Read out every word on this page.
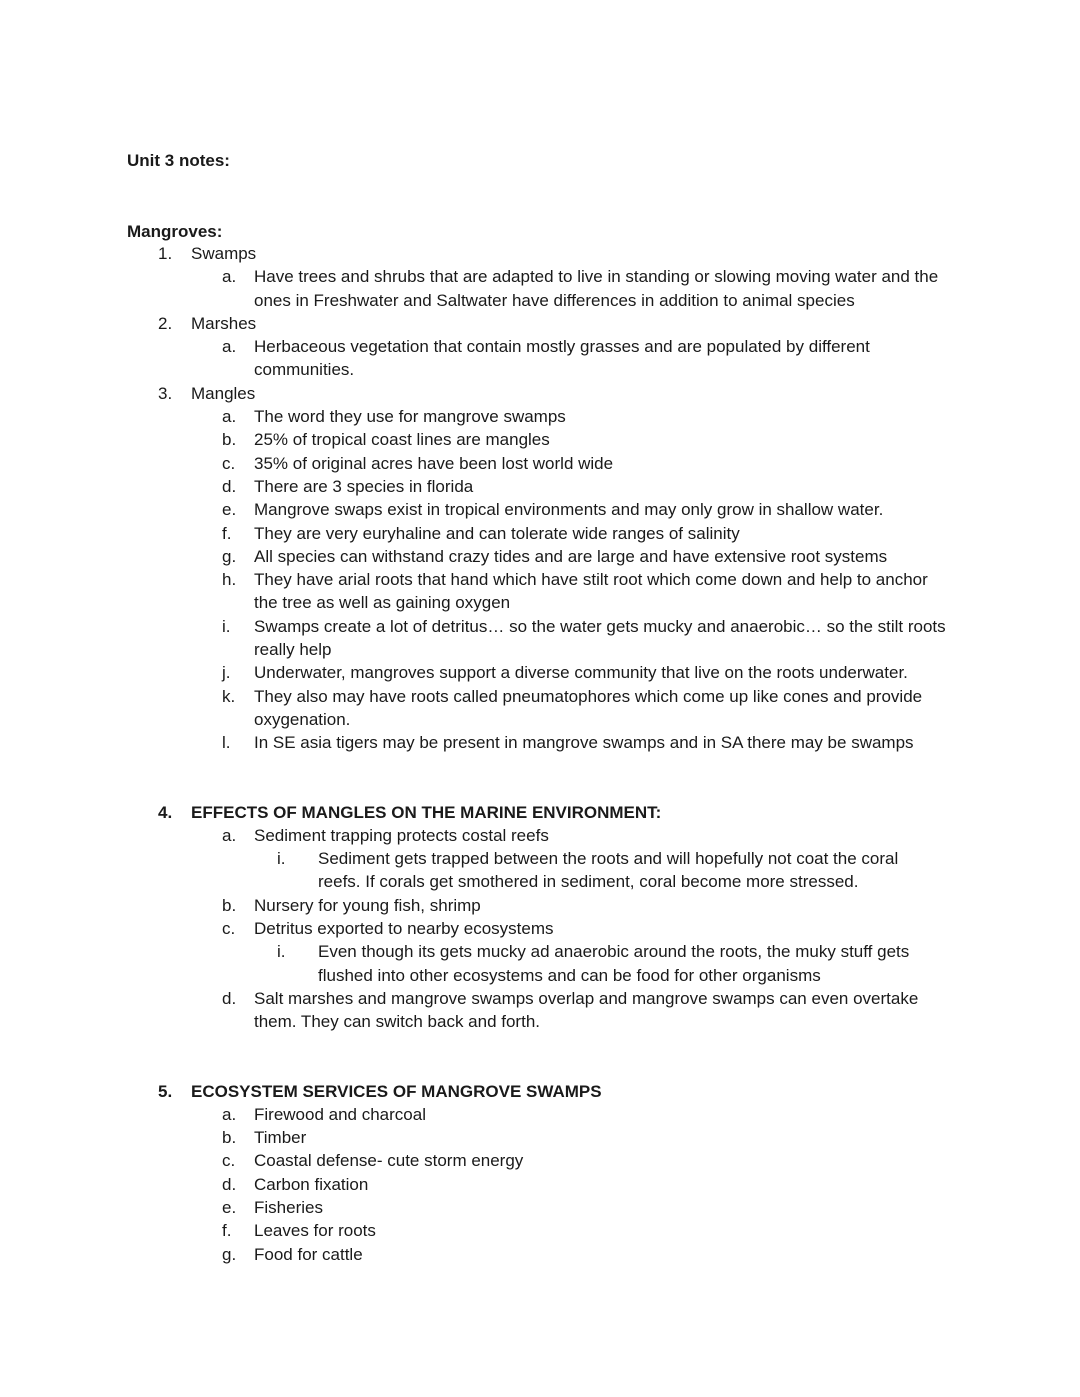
Unit 3 notes:
Mangroves:
1.	Swamps
a.	Have trees and shrubs that are adapted to live in standing or slowing moving water and the ones in Freshwater and Saltwater have differences in addition to animal species
2.	Marshes
a.	Herbaceous vegetation that contain mostly grasses and are populated by different communities.
3.	Mangles
a.	The word they use for mangrove swamps
b.	25% of tropical coast lines are mangles
c.	35% of original acres have been lost world wide
d.	There are 3 species in florida
e.	Mangrove swaps exist in tropical environments and may only grow in shallow water.
f.	They are very euryhaline and can tolerate wide ranges of salinity
g.	All species can withstand crazy tides and are large and have extensive root systems
h.	They have arial roots that hand which have stilt root which come down and help to anchor the tree as well as gaining oxygen
i.	Swamps create a lot of detritus… so the water gets mucky and anaerobic… so the stilt roots really help
j.	Underwater, mangroves support a diverse community that live on the roots underwater.
k.	They also may have roots called pneumatophores which come up like cones and provide oxygenation.
l.	In SE asia tigers may be present in mangrove swamps and in SA there may be swamps
4.	EFFECTS OF MANGLES ON THE MARINE ENVIRONMENT:
a.	Sediment trapping protects costal reefs
i.	Sediment gets trapped between the roots and will hopefully not coat the coral reefs. If corals get smothered in sediment, coral become more stressed.
b.	Nursery for young fish, shrimp
c.	Detritus exported to nearby ecosystems
i.	Even though its gets mucky ad anaerobic around the roots, the muky stuff gets flushed into other ecosystems and can be food for other organisms
d.	Salt marshes and mangrove swamps overlap and mangrove swamps can even overtake them. They can switch back and forth.
5.	ECOSYSTEM SERVICES OF MANGROVE SWAMPS
a.	Firewood and charcoal
b.	Timber
c.	Coastal defense- cute storm energy
d.	Carbon fixation
e.	Fisheries
f.	Leaves for roots
g.	Food for cattle
